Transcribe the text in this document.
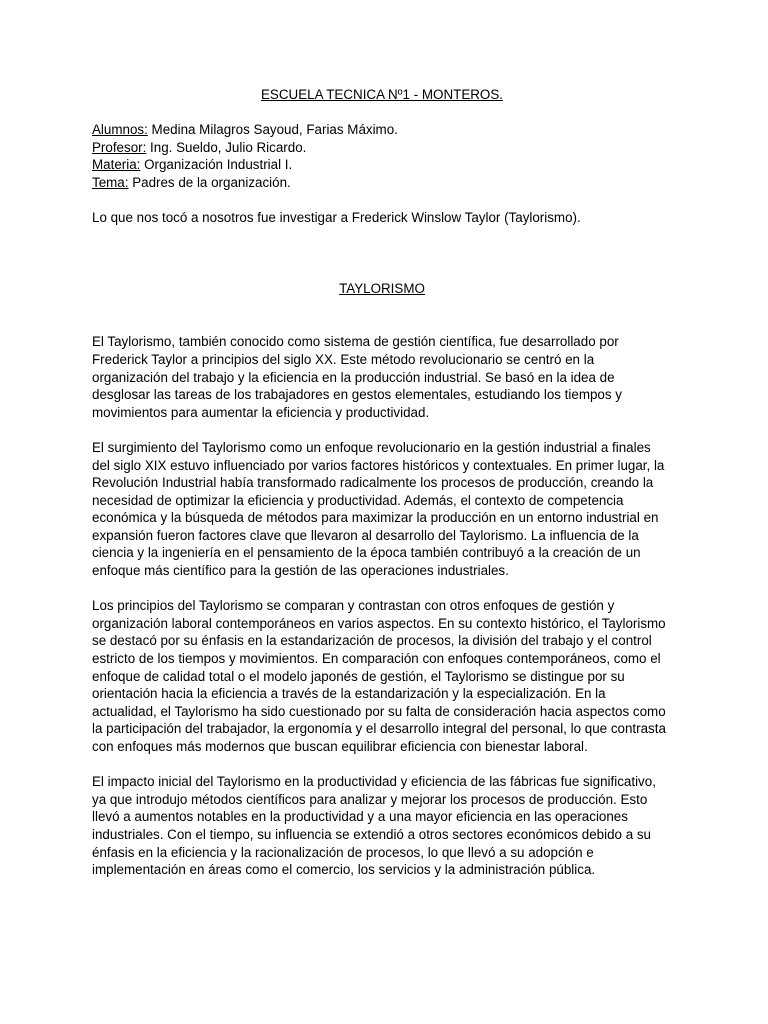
ESCUELA TECNICA Nº1 - MONTEROS.

Alumnos: Medina Milagros Sayoud, Farias Máximo.

Profesor: Ing. Sueldo, Julio Ricardo.

Materia: Organización Industrial I.

Tema: Padres de la organización.

Lo que nos tocó a nosotros fue investigar a Frederick Winslow Taylor (Taylorismo).

TAYLORISMO

El Taylorismo, también conocido como sistema de gestión científica, fue desarrollado por Frederick Taylor a principios del siglo XX. Este método revolucionario se centró en la organización del trabajo y la eficiencia en la producción industrial. Se basó en la idea de desglosar las tareas de los trabajadores en gestos elementales, estudiando los tiempos y movimientos para aumentar la eficiencia y productividad.

El surgimiento del Taylorismo como un enfoque revolucionario en la gestión industrial a finales del siglo XIX estuvo influenciado por varios factores históricos y contextuales. En primer lugar, la Revolución Industrial había transformado radicalmente los procesos de producción, creando la necesidad de optimizar la eficiencia y productividad. Además, el contexto de competencia económica y la búsqueda de métodos para maximizar la producción en un entorno industrial en expansión fueron factores clave que llevaron al desarrollo del Taylorismo. La influencia de la ciencia y la ingeniería en el pensamiento de la época también contribuyó a la creación de un enfoque más científico para la gestión de las operaciones industriales.

Los principios del Taylorismo se comparan y contrastan con otros enfoques de gestión y organización laboral contemporáneos en varios aspectos. En su contexto histórico, el Taylorismo se destacó por su énfasis en la estandarización de procesos, la división del trabajo y el control estricto de los tiempos y movimientos. En comparación con enfoques contemporáneos, como el enfoque de calidad total o el modelo japonés de gestión, el Taylorismo se distingue por su orientación hacia la eficiencia a través de la estandarización y la especialización. En la actualidad, el Taylorismo ha sido cuestionado por su falta de consideración hacia aspectos como la participación del trabajador, la ergonomía y el desarrollo integral del personal, lo que contrasta con enfoques más modernos que buscan equilibrar eficiencia con bienestar laboral.

El impacto inicial del Taylorismo en la productividad y eficiencia de las fábricas fue significativo, ya que introdujo métodos científicos para analizar y mejorar los procesos de producción. Esto llevó a aumentos notables en la productividad y a una mayor eficiencia en las operaciones industriales. Con el tiempo, su influencia se extendió a otros sectores económicos debido a su énfasis en la eficiencia y la racionalización de procesos, lo que llevó a su adopción e implementación en áreas como el comercio, los servicios y la administración pública.
